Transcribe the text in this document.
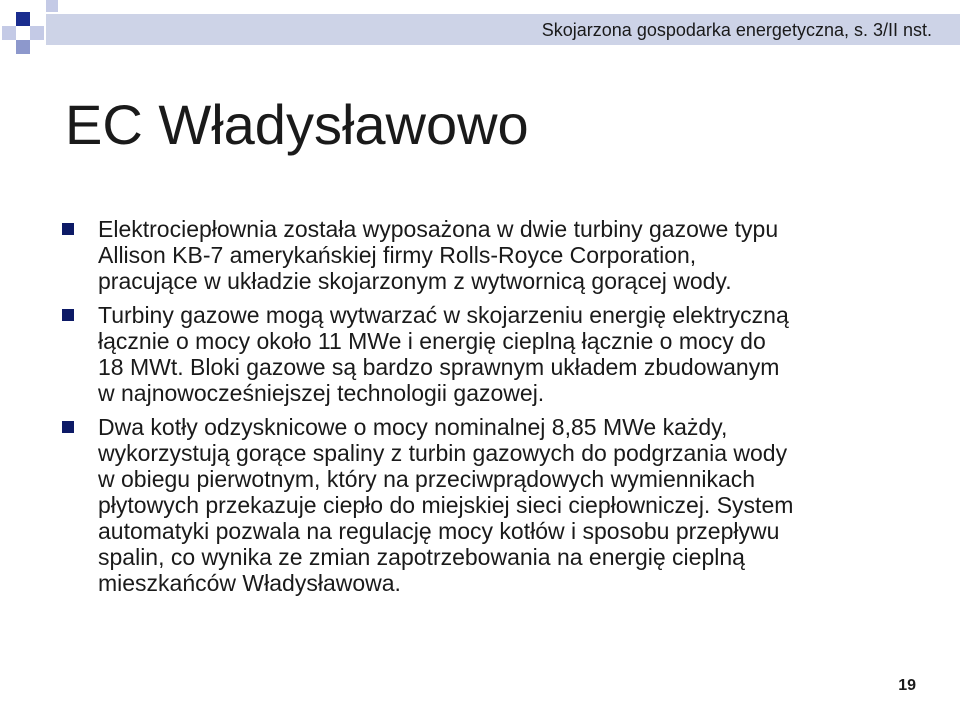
Skojarzona gospodarka energetyczna, s. 3/II nst.
EC Władysławowo
Elektrociepłownia została wyposażona w dwie turbiny gazowe typu
Allison KB-7 amerykańskiej firmy Rolls-Royce Corporation,
pracujące w układzie skojarzonym z wytwornicą gorącej wody.
Turbiny gazowe mogą wytwarzać w skojarzeniu energię elektryczną
łącznie o mocy około 11 MWe i energię cieplną łącznie o mocy do
18 MWt. Bloki gazowe są bardzo sprawnym układem zbudowanym
w najnowocześniejszej technologii gazowej.
Dwa kotły odzysknicowe o mocy nominalnej 8,85 MWe każdy,
wykorzystują gorące spaliny z turbin gazowych do podgrzania wody
w obiegu pierwotnym, który na przeciwprądowych wymiennikach
płytowych przekazuje ciepło do miejskiej sieci ciepłowniczej. System
automatyki pozwala na regulację mocy kotłów i sposobu przepływu
spalin, co wynika ze zmian zapotrzebowania na energię cieplną
mieszkańców Władysławowa.
19
